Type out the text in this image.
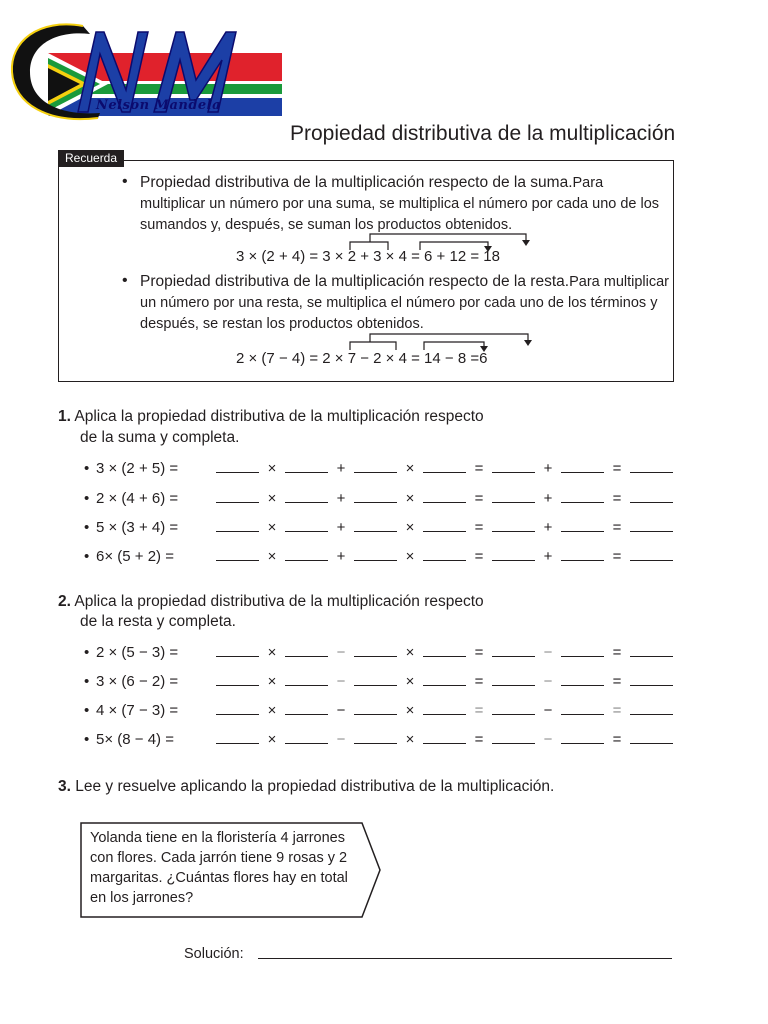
Nelson Mandela
Propiedad distributiva de la multiplicación
Recuerda
• Propiedad distributiva de la multiplicación respecto de la suma.Para multiplicar un número por una suma, se multiplica el número por cada uno de los sumandos y, después, se suman los productos obtenidos.
3 × (2 + 4) = 3 × 2 + 3 × 4 = 6 + 12 = 18
• Propiedad distributiva de la multiplicación respecto de la resta.Para multiplicar un número por una resta, se multiplica el número por cada uno de los términos y después, se restan los productos obtenidos.
2 × (7 − 4) = 2 × 7 − 2 × 4 = 14 − 8 =6
1. Aplica la propiedad distributiva de la multiplicación respecto
de la suma y completa.
• 3 × (2 + 5) =	×	+	×	=	+	=
• 2 × (4 + 6) =	×	+	×	=	+	=
• 5 × (3 + 4) =	×	+	×	=	+	=
• 6× (5 + 2) =	×	+	×	=	+	=
2. Aplica la propiedad distributiva de la multiplicación respecto
de la resta y completa.
• 2 × (5 − 3) =	×	−	×	=	−	=
• 3 × (6 − 2) =	×	−	×	=	−	=
• 4 × (7 − 3) =	×	−	×	=	−	=
• 5× (8 − 4) =	×	−	×	=	−	=
3. Lee y resuelve aplicando la propiedad distributiva de la multiplicación.
Yolanda tiene en la floristería 4 jarrones con flores. Cada jarrón tiene 9 rosas y 2 margaritas. ¿Cuántas flores hay en total en los jarrones?
Solución:
